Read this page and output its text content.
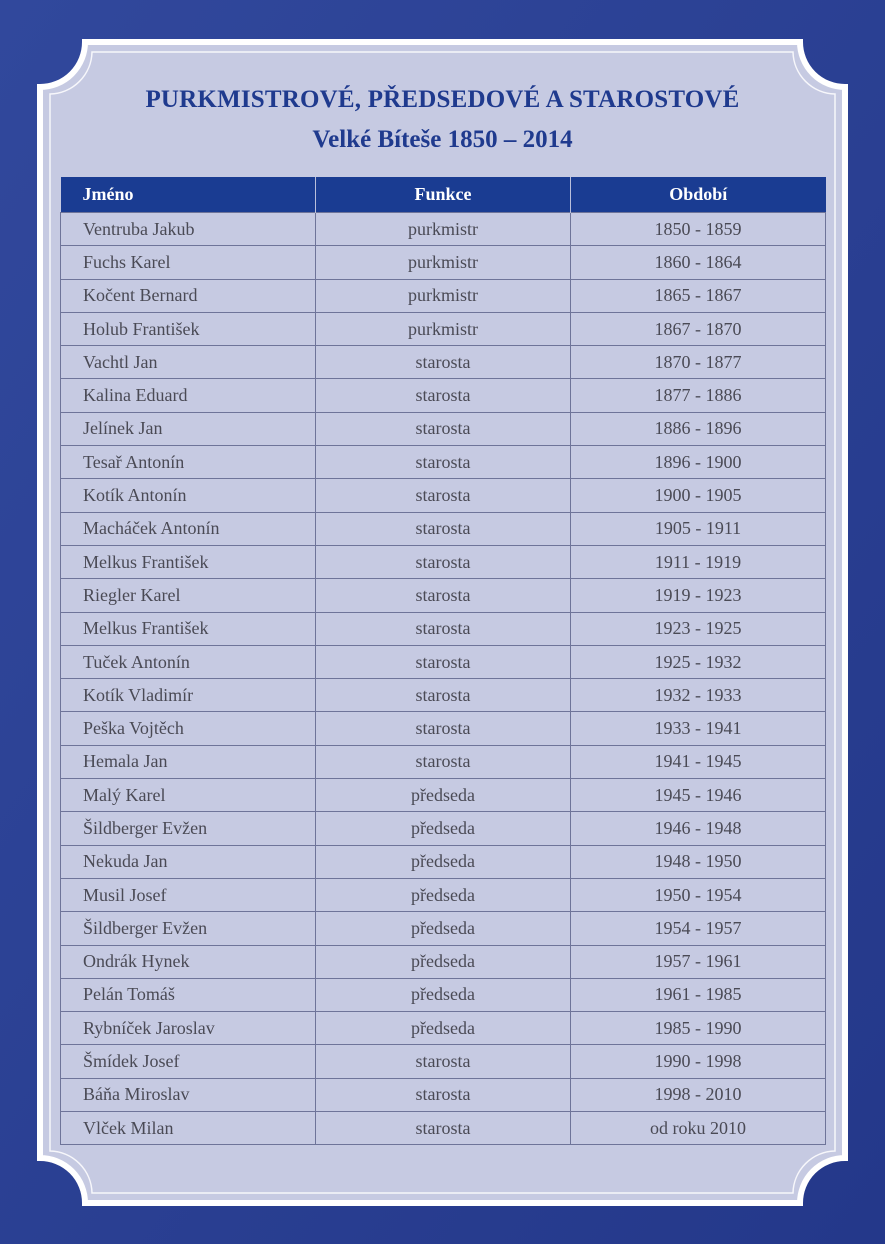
PURKMISTROVÉ, PŘEDSEDOVÉ A STAROSTOVÉ
Velké Bíteše 1850 – 2014
Jméno	Funkce	Období
Ventruba Jakub	purkmistr	1850 - 1859
Fuchs Karel	purkmistr	1860 - 1864
Kočent Bernard	purkmistr	1865 - 1867
Holub František	purkmistr	1867 - 1870
Vachtl Jan	starosta	1870 - 1877
Kalina Eduard	starosta	1877 - 1886
Jelínek Jan	starosta	1886 - 1896
Tesař Antonín	starosta	1896 - 1900
Kotík Antonín	starosta	1900 - 1905
Macháček Antonín	starosta	1905 - 1911
Melkus František	starosta	1911 - 1919
Riegler Karel	starosta	1919 - 1923
Melkus František	starosta	1923 - 1925
Tuček Antonín	starosta	1925 - 1932
Kotík Vladimír	starosta	1932 - 1933
Peška Vojtěch	starosta	1933 - 1941
Hemala Jan	starosta	1941 - 1945
Malý Karel	předseda	1945 - 1946
Šildberger Evžen	předseda	1946 - 1948
Nekuda Jan	předseda	1948 - 1950
Musil Josef	předseda	1950 - 1954
Šildberger Evžen	předseda	1954 - 1957
Ondrák Hynek	předseda	1957 - 1961
Pelán Tomáš	předseda	1961 - 1985
Rybníček Jaroslav	předseda	1985 - 1990
Šmídek Josef	starosta	1990 - 1998
Báňa Miroslav	starosta	1998 - 2010
Vlček Milan	starosta	od roku 2010
